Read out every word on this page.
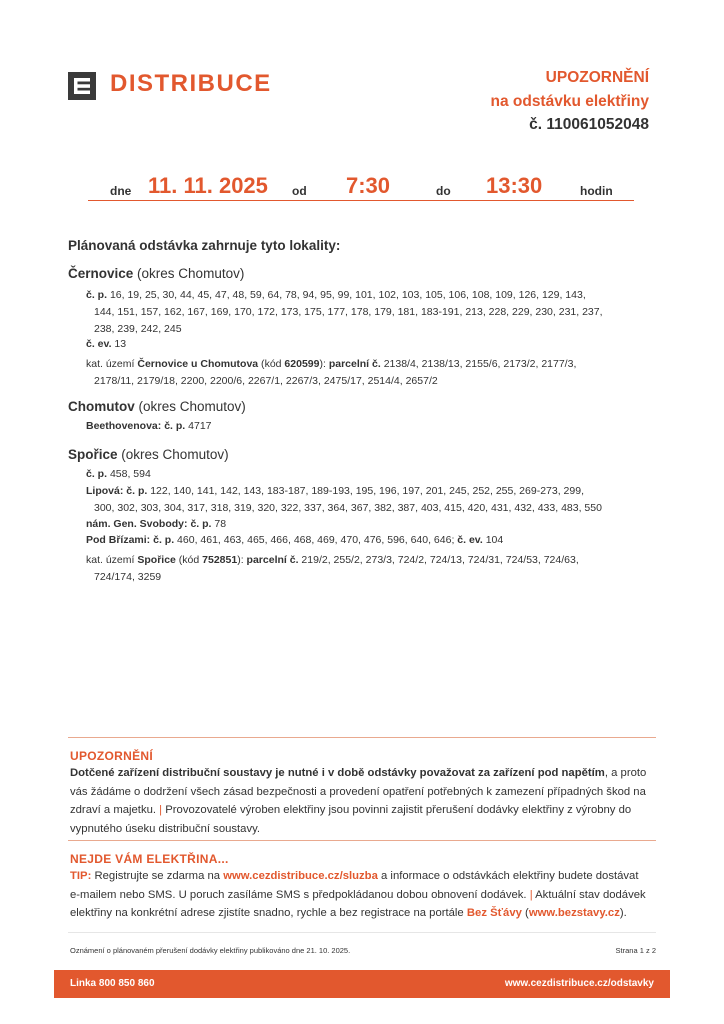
DISTRIBUCE	UPOZORNĚNÍ
na odstávku elektřiny
č. 110061052048
dne 11. 11. 2025 od 7:30	do 13:30	hodin
Plánovaná odstávka zahrnuje tyto lokality:
Černovice (okres Chomutov)
č. p. 16, 19, 25, 30, 44, 45, 47, 48, 59, 64, 78, 94, 95, 99, 101, 102, 103, 105, 106, 108, 109, 126, 129, 143,
144, 151, 157, 162, 167, 169, 170, 172, 173, 175, 177, 178, 179, 181, 183-191, 213, 228, 229, 230, 231, 237,
238, 239, 242, 245
č. ev. 13
kat. území Černovice u Chomutova (kód 620599): parcelní č. 2138/4, 2138/13, 2155/6, 2173/2, 2177/3,
2178/11, 2179/18, 2200, 2200/6, 2267/1, 2267/3, 2475/17, 2514/4, 2657/2
Chomutov (okres Chomutov)
Beethovenova: č. p. 4717
Spořice (okres Chomutov)
č. p. 458, 594
Lipová: č. p. 122, 140, 141, 142, 143, 183-187, 189-193, 195, 196, 197, 201, 245, 252, 255, 269-273, 299,
300, 302, 303, 304, 317, 318, 319, 320, 322, 337, 364, 367, 382, 387, 403, 415, 420, 431, 432, 433, 483, 550
nám. Gen. Svobody: č. p. 78
Pod Břízami: č. p. 460, 461, 463, 465, 466, 468, 469, 470, 476, 596, 640, 646; č. ev. 104
kat. území Spořice (kód 752851): parcelní č. 219/2, 255/2, 273/3, 724/2, 724/13, 724/31, 724/53, 724/63,
724/174, 3259
UPOZORNĚNÍ
Dotčené zařízení distribuční soustavy je nutné i v době odstávky považovat za zařízení pod napětím, a proto
vás žádáme o dodržení všech zásad bezpečnosti a provedení opatření potřebných k zamezení případných škod na
zdraví a majetku. | Provozovatelé výroben elektřiny jsou povinni zajistit přerušení dodávky elektřiny z výrobny do
vypnutého úseku distribuční soustavy.
NEJDE VÁM ELEKTŘINA...
TIP: Registrujte se zdarma na www.cezdistribuce.cz/sluzba a informace o odstávkách elektřiny budete dostávat
e-mailem nebo SMS. U poruch zasíláme SMS s předpokládanou dobou obnovení dodávek. | Aktuální stav dodávek
elektřiny na konkrétní adrese zjistíte snadno, rychle a bez registrace na portále Bez Šťávy (www.bezstavy.cz).
Oznámení o plánovaném přerušení dodávky elektřiny publikováno dne 21. 10. 2025.	Strana 1 z 2
Linka 800 850 860	www.cezdistribuce.cz/odstavky
